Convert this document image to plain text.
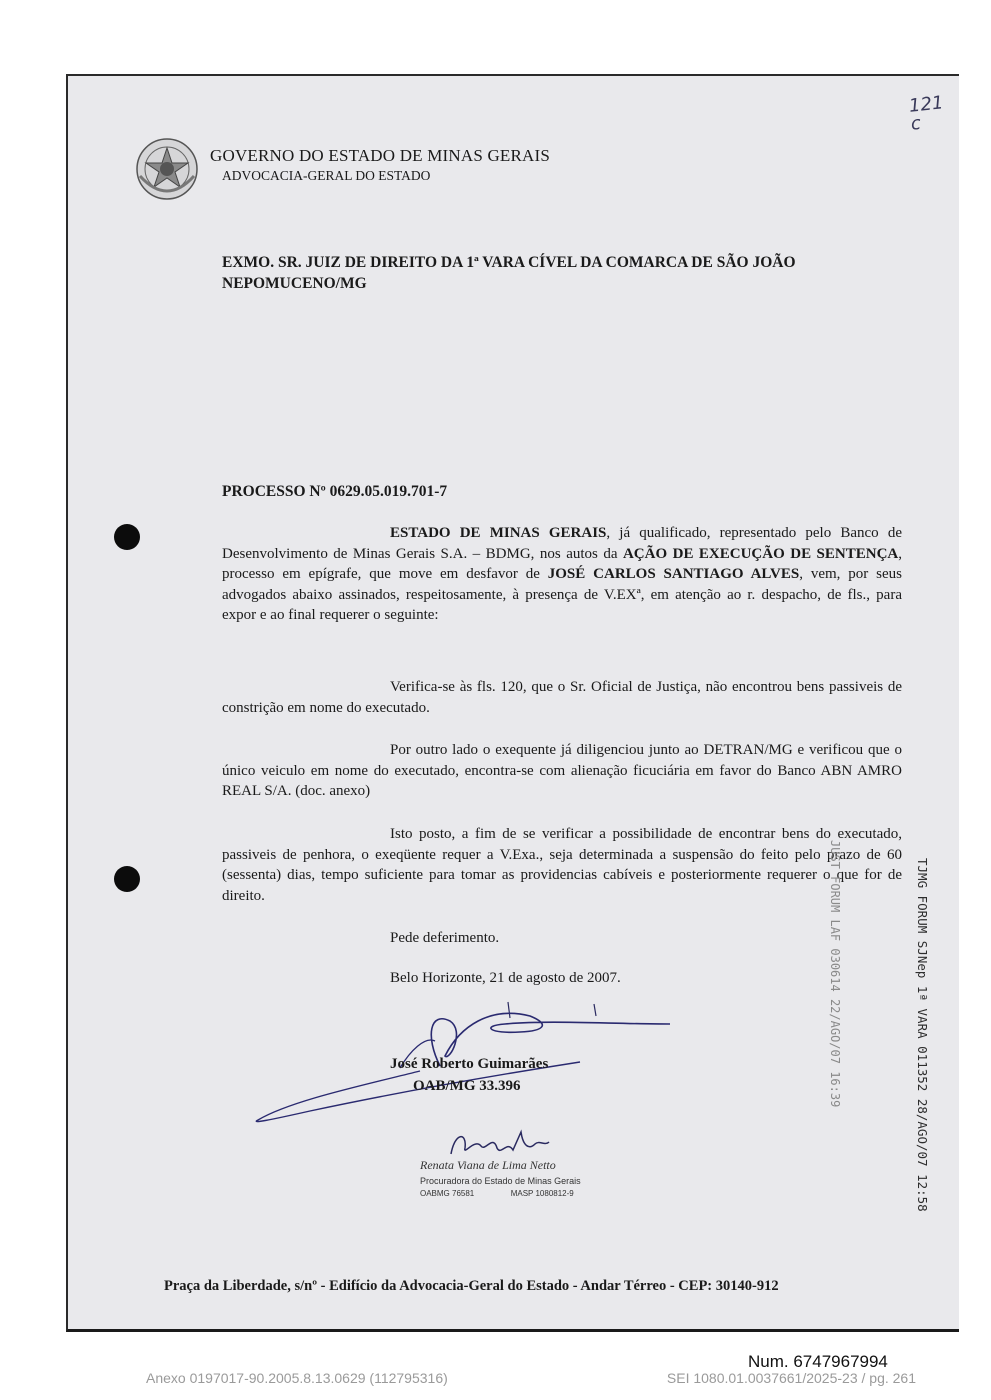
121
c
GOVERNO DO ESTADO DE MINAS GERAIS
ADVOCACIA-GERAL DO ESTADO
EXMO. SR. JUIZ DE DIREITO DA 1ª VARA CÍVEL DA COMARCA DE SÃO JOÃO NEPOMUCENO/MG
PROCESSO Nº 0629.05.019.701-7
ESTADO DE MINAS GERAIS, já qualificado, representado pelo Banco de Desenvolvimento de Minas Gerais S.A. – BDMG, nos autos da AÇÃO DE EXECUÇÃO DE SENTENÇA, processo em epígrafe, que move em desfavor de JOSÉ CARLOS SANTIAGO ALVES, vem, por seus advogados abaixo assinados, respeitosamente, à presença de V.EXª, em atenção ao r. despacho, de fls., para expor e ao final requerer o seguinte:
Verifica-se às fls. 120, que o Sr. Oficial de Justiça, não encontrou bens passiveis de constrição em nome do executado.
Por outro lado o exequente já diligenciou junto ao DETRAN/MG e verificou que o único veiculo em nome do executado, encontra-se com alienação ficuciária em favor do Banco ABN AMRO REAL S/A. (doc. anexo)
Isto posto, a fim de se verificar a possibilidade de encontrar bens do executado, passiveis de penhora, o exeqüente requer a V.Exa., seja determinada a suspensão do feito pelo prazo de 60 (sessenta) dias, tempo suficiente para tomar as providencias cabíveis e posteriormente requerer o que for de direito.
Pede deferimento.
Belo Horizonte, 21 de agosto de 2007.
José Roberto Guimarães
OAB/MG 33.396
Renata Viana de Lima Netto
Procuradora do Estado de Minas Gerais
OABMG 76581	MASP 1080812-9
JUST FORUM LAF 030614 22/AGO/07 16:39	TJMG FORUM SJNep 1ª VARA 011352 28/AGO/07 12:58
Praça da Liberdade, s/nº - Edifício da Advocacia-Geral do Estado - Andar Térreo - CEP: 30140-912
Num. 6747967994
Anexo 0197017-90.2005.8.13.0629 (112795316)	SEI 1080.01.0037661/2025-23 / pg. 261
